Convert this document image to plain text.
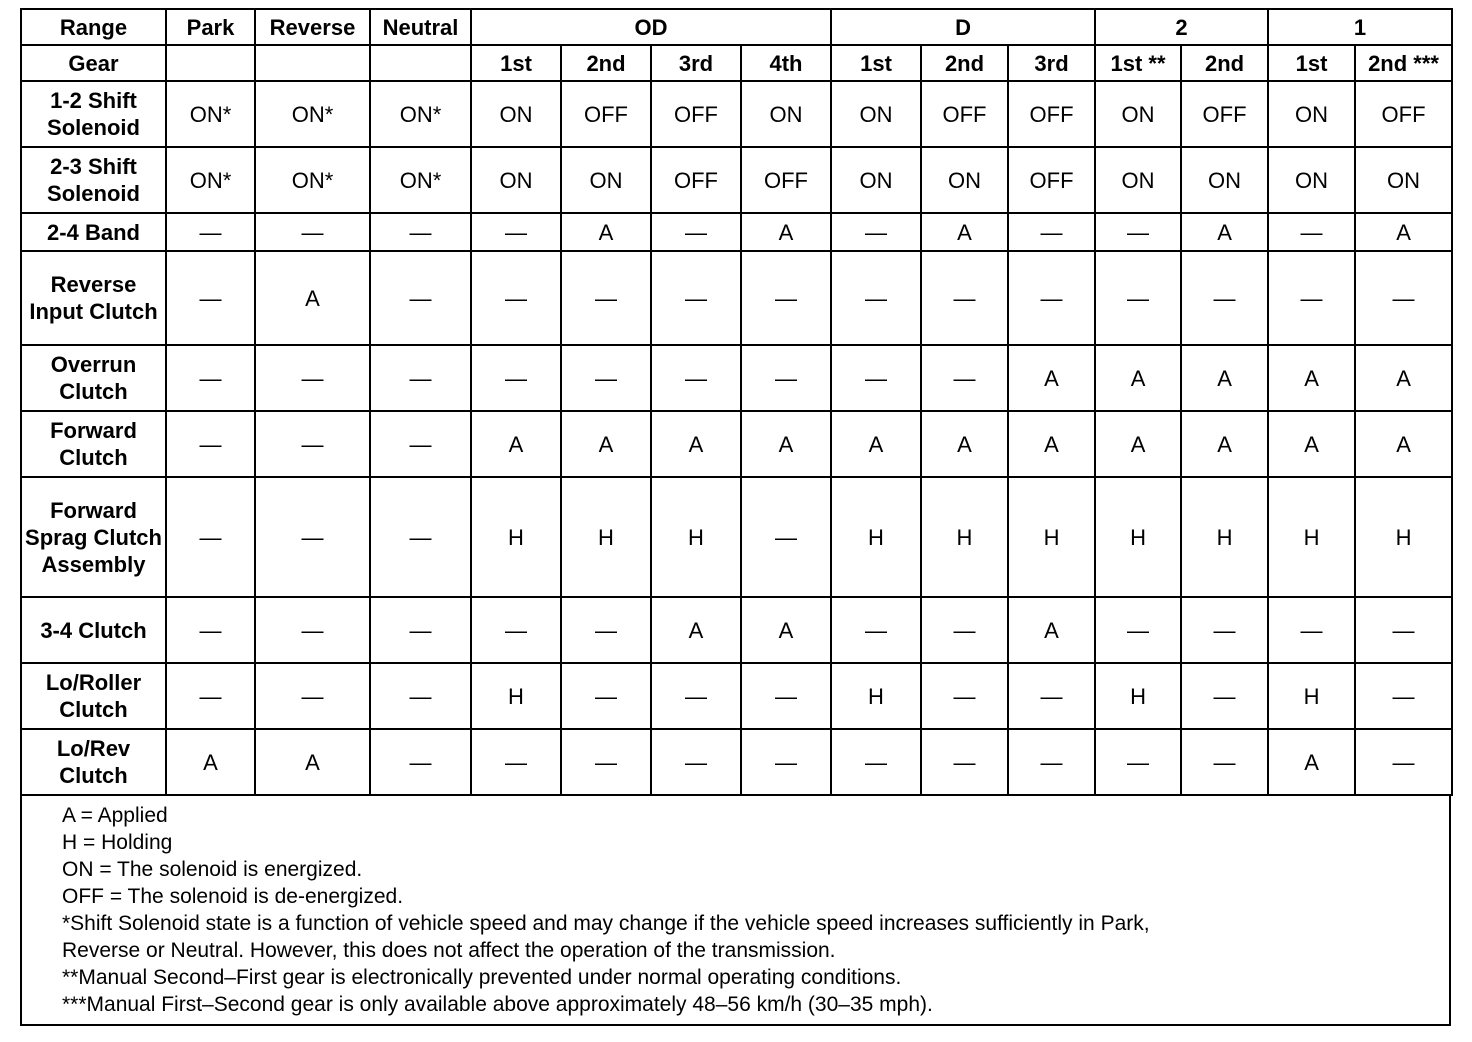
Range	Park	Reverse	Neutral	OD				D			2		1	
Gear				1st	2nd	3rd	4th	1st	2nd	3rd	1st **	2nd	1st	2nd ***
1-2 Shift Solenoid	ON*	ON*	ON*	ON	OFF	OFF	ON	ON	OFF	OFF	ON	OFF	ON	OFF
2-3 Shift Solenoid	ON*	ON*	ON*	ON	ON	OFF	OFF	ON	ON	OFF	ON	ON	ON	ON
2-4 Band	—	—	—	—	A	—	A	—	A	—	—	A	—	A
Reverse Input Clutch	—	A	—	—	—	—	—	—	—	—	—	—	—	—
Overrun Clutch	—	—	—	—	—	—	—	—	—	A	A	A	A	A
Forward Clutch	—	—	—	A	A	A	A	A	A	A	A	A	A	A
Forward Sprag Clutch Assembly	—	—	—	H	H	H	—	H	H	H	H	H	H	H
3-4 Clutch	—	—	—	—	—	A	A	—	—	A	—	—	—	—
Lo/Roller Clutch	—	—	—	H	—	—	—	H	—	—	H	—	H	—
Lo/Rev Clutch	A	A	—	—	—	—	—	—	—	—	—	—	A	—
A = Applied
H = Holding
ON = The solenoid is energized.
OFF = The solenoid is de-energized.
*Shift Solenoid state is a function of vehicle speed and may change if the vehicle speed increases sufficiently in Park,
Reverse or Neutral. However, this does not affect the operation of the transmission.
**Manual Second–First gear is electronically prevented under normal operating conditions.
***Manual First–Second gear is only available above approximately 48–56 km/h (30–35 mph).
